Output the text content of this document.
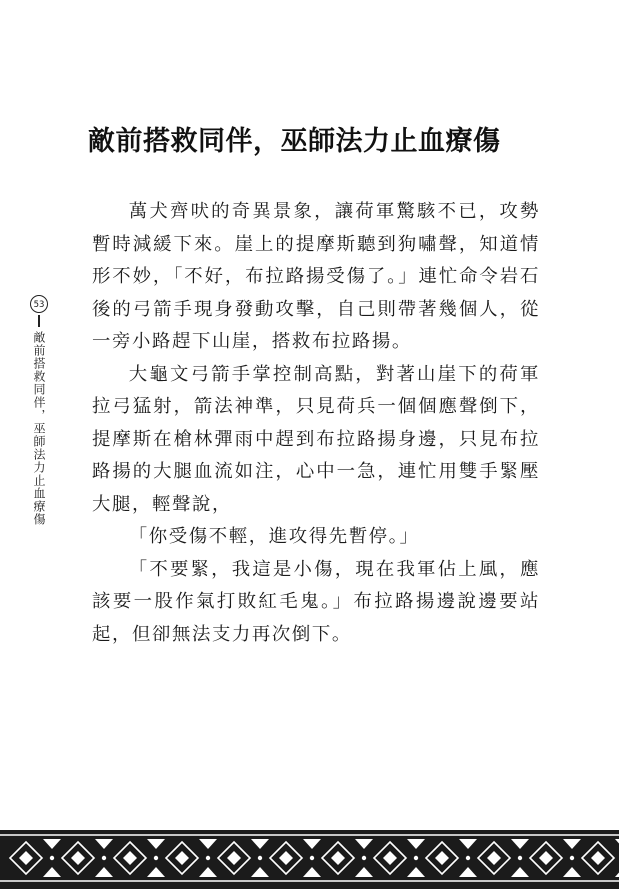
敵前搭救同伴，巫師法力止血療傷

萬犬齊吠的奇異景象，讓荷軍驚駭不已，攻勢暫時減緩下來。崖上的提摩斯聽到狗嘯聲，知道情形不妙，「不好，布拉路揚受傷了。」連忙命令岩石後的弓箭手現身發動攻擊，自己則帶著幾個人，從一旁小路趕下山崖，搭救布拉路揚。

大龜文弓箭手掌控制高點，對著山崖下的荷軍拉弓猛射，箭法神準，只見荷兵一個個應聲倒下，提摩斯在槍林彈雨中趕到布拉路揚身邊，只見布拉路揚的大腿血流如注，心中一急，連忙用雙手緊壓大腿，輕聲說，

「你受傷不輕，進攻得先暫停。」

「不要緊，我這是小傷，現在我軍佔上風，應該要一股作氣打敗紅毛鬼。」布拉路揚邊說邊要站起，但卻無法支力再次倒下。

53
敵前搭救同伴，巫師法力止血療傷
